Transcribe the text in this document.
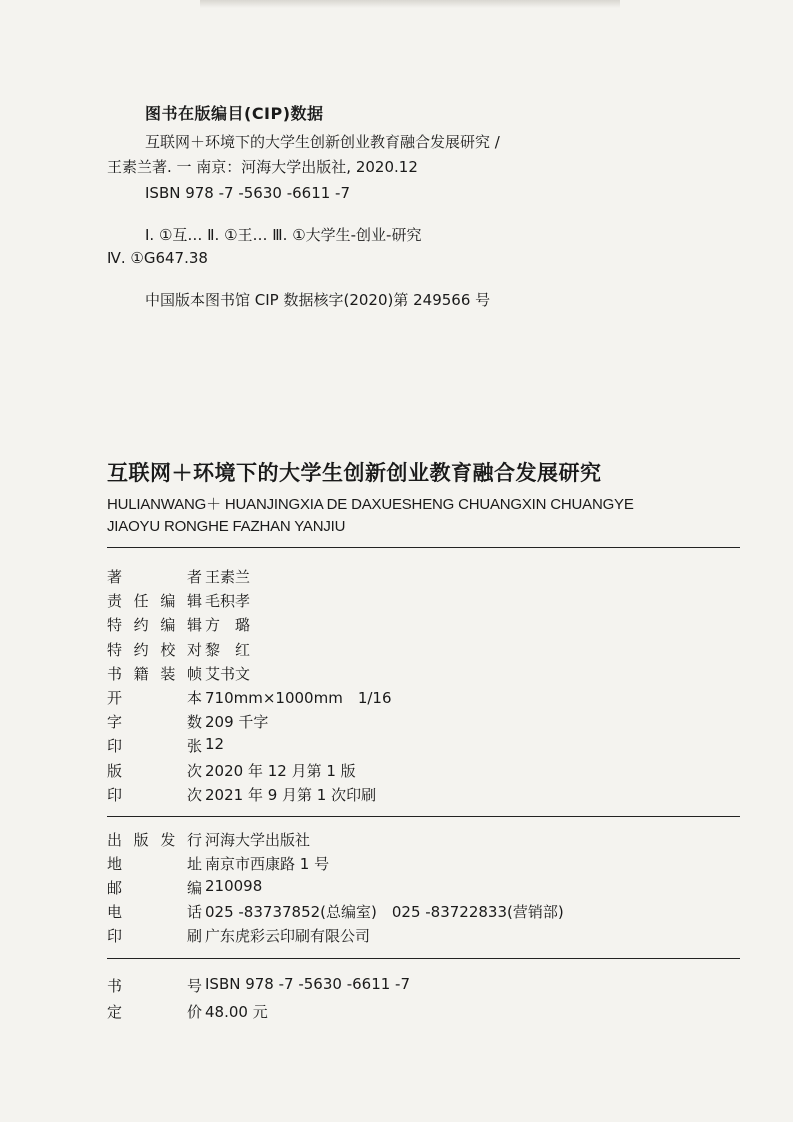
图书在版编目(CIP)数据
互联网＋环境下的大学生创新创业教育融合发展研究 /
王素兰著. 一 南京：河海大学出版社, 2020.12
ISBN 978 -7 -5630 -6611 -7
Ⅰ. ①互… Ⅱ. ①王… Ⅲ. ①大学生-创业-研究
Ⅳ. ①G647.38
中国版本图书馆 CIP 数据核字(2020)第 249566 号
互联网＋环境下的大学生创新创业教育融合发展研究
HULIANWANG＋ HUANJINGXIA DE DAXUESHENG CHUANGXIN CHUANGYE
JIAOYU RONGHE FAZHAN YANJIU
著	者 王素兰
责 任 编 辑 毛积孝
特 约 编 辑 方　璐
特 约 校 对 黎　红
书 籍 装 帧 艾书文
开	本 710mm×1000mm　1/16
字	数 209 千字
印	张 12
版	次 2020 年 12 月第 1 版
印	次 2021 年 9 月第 1 次印刷
出 版 发 行 河海大学出版社
地	址 南京市西康路 1 号
邮	编 210098
电	话 025 -83737852(总编室)　025 -83722833(营销部)
印	刷 广东虎彩云印刷有限公司
书	号 ISBN 978 -7 -5630 -6611 -7
定	价 48.00 元
